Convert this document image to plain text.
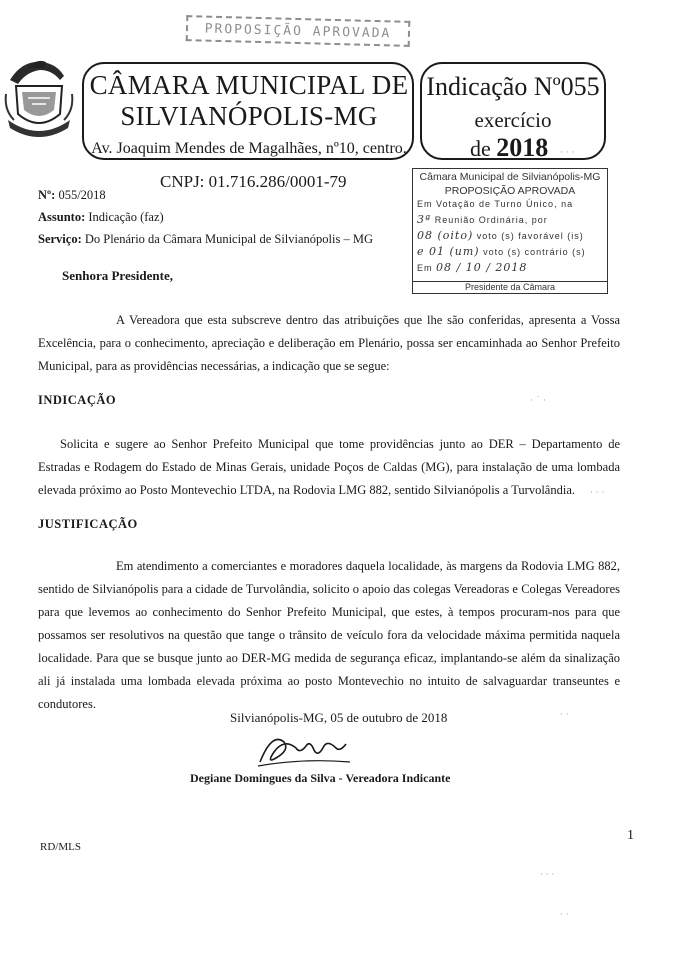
PROPOSIÇÃO APROVADA
CÂMARA MUNICIPAL DE
SILVIANÓPOLIS-MG
Av. Joaquim Mendes de Magalhães, nº10, centro.
Indicação Nº055
exercício
de 2018
CNPJ: 01.716.286/0001-79
Nº: 055/2018
Assunto: Indicação (faz)
Serviço: Do Plenário da Câmara Municipal de Silvianópolis – MG
Câmara Municipal de Silvianópolis-MG
PROPOSIÇÃO APROVADA
Em Votação de Turno Único, na
3ª Reunião Ordinária, por
08 (oito) voto (s) favorável (is)
e 01 (um) voto (s) contrário (s)
Em 08 / 10 / 2018
Presidente da Câmara
Senhora Presidente,
A Vereadora que esta subscreve dentro das atribuições que lhe são conferidas, apresenta a Vossa Excelência, para o conhecimento, apreciação e deliberação em Plenário, possa ser encaminhada ao Senhor Prefeito Municipal, para as providências necessárias, a indicação que se segue:
INDICAÇÃO
Solicita e sugere ao Senhor Prefeito Municipal que tome providências junto ao DER – Departamento de Estradas e Rodagem do Estado de Minas Gerais, unidade Poços de Caldas (MG), para instalação de uma lombada elevada próximo ao Posto Montevechio LTDA, na Rodovia LMG 882, sentido Silvianópolis a Turvolândia.
JUSTIFICAÇÃO
Em atendimento a comerciantes e moradores daquela localidade, às margens da Rodovia LMG 882, sentido de Silvianópolis para a cidade de Turvolândia, solicito o apoio das colegas Vereadoras e Colegas Vereadores para que levemos ao conhecimento do Senhor Prefeito Municipal, que estes, à tempos procuram-nos para que possamos ser resolutivos na questão que tange o trânsito de veículo fora da velocidade máxima permitida naquela localidade. Para que se busque junto ao DER-MG medida de segurança eficaz, implantando-se além da sinalização ali já instalada uma lombada elevada próxima ao posto Montevechio no intuito de salvaguardar transeuntes e condutores.
Silvianópolis-MG, 05 de outubro de 2018
Degiane Domingues da Silva - Vereadora Indicante
RD/MLS
1
· · ·
· ˙ ·
· · ·
· ·
· · ·
· ·
